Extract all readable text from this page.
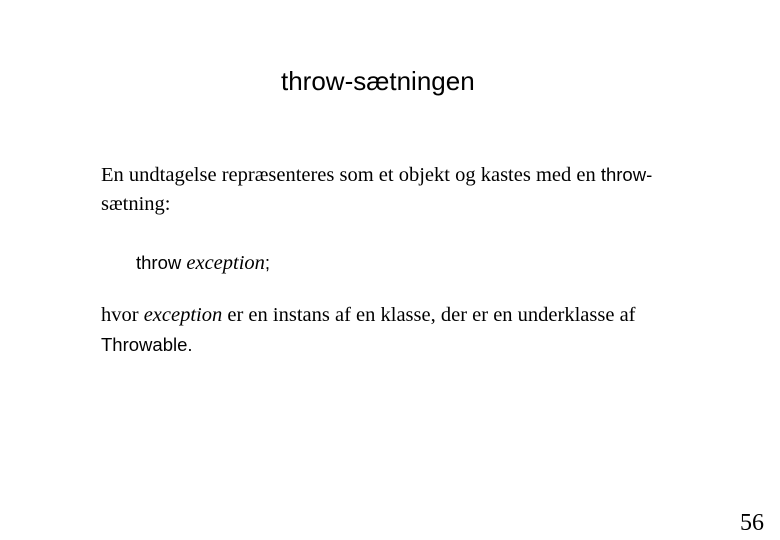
throw-sætningen
En undtagelse repræsenteres som et objekt og kastes med en throw-
sætning:
throw exception;
hvor exception er en instans af en klasse, der er en underklasse af
Throwable.
56
